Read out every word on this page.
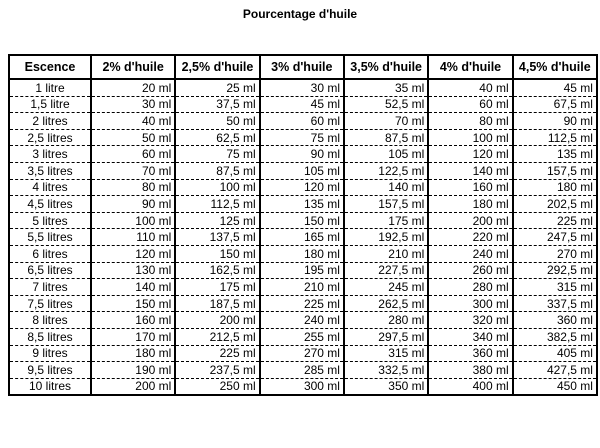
Pourcentage d'huile
Escence	2% d'huile	2,5% d'huile	3% d'huile	3,5% d'huile	4% d'huile	4,5% d'huile
1 litre	20 ml	25 ml	30 ml	35 ml	40 ml	45 ml
1,5 litre	30 ml	37,5 ml	45 ml	52,5 ml	60 ml	67,5 ml
2 litres	40 ml	50 ml	60 ml	70 ml	80 ml	90 ml
2,5 litres	50 ml	62,5 ml	75 ml	87,5 ml	100 ml	112,5 ml
3 litres	60 ml	75 ml	90 ml	105 ml	120 ml	135 ml
3,5 litres	70 ml	87,5 ml	105 ml	122,5 ml	140 ml	157,5 ml
4 litres	80 ml	100 ml	120 ml	140 ml	160 ml	180 ml
4,5 litres	90 ml	112,5 ml	135 ml	157,5 ml	180 ml	202,5 ml
5 litres	100 ml	125 ml	150 ml	175 ml	200 ml	225 ml
5,5 litres	110 ml	137,5 ml	165 ml	192,5 ml	220 ml	247,5 ml
6 litres	120 ml	150 ml	180 ml	210 ml	240 ml	270 ml
6,5 litres	130 ml	162,5 ml	195 ml	227,5 ml	260 ml	292,5 ml
7 litres	140 ml	175 ml	210 ml	245 ml	280 ml	315 ml
7,5 litres	150 ml	187,5 ml	225 ml	262,5 ml	300 ml	337,5 ml
8 litres	160 ml	200 ml	240 ml	280 ml	320 ml	360 ml
8,5 litres	170 ml	212,5 ml	255 ml	297,5 ml	340 ml	382,5 ml
9 litres	180 ml	225 ml	270 ml	315 ml	360 ml	405 ml
9,5 litres	190 ml	237,5 ml	285 ml	332,5 ml	380 ml	427,5 ml
10 litres	200 ml	250 ml	300 ml	350 ml	400 ml	450 ml
